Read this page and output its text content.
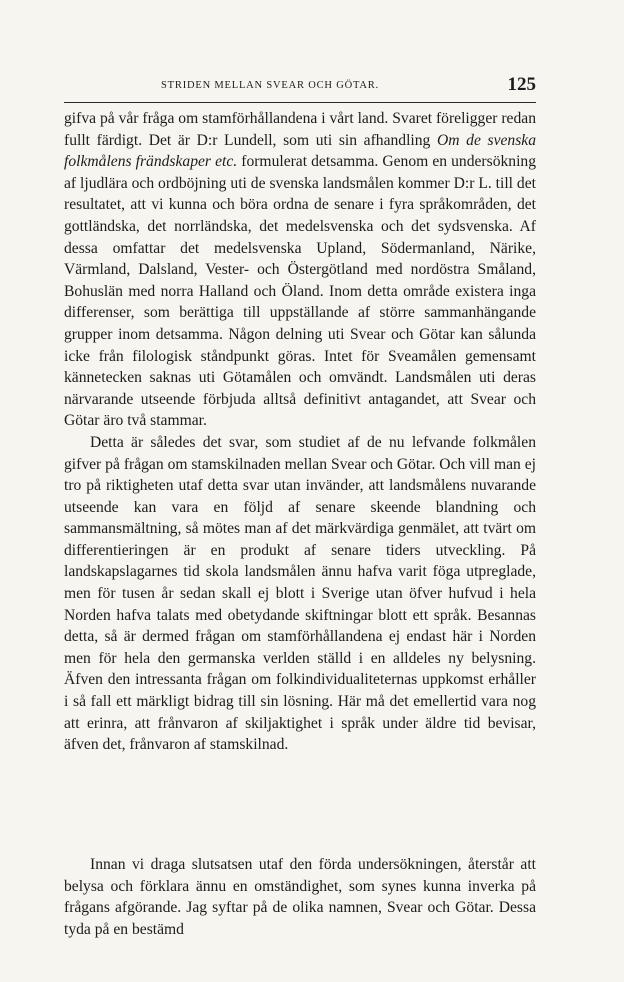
STRIDEN MELLAN SVEAR OCH GÖTAR.	125

gifva på vår fråga om stamförhållandena i vårt land. Svaret föreligger redan fullt färdigt. Det är D:r Lundell, som uti sin afhandling Om de svenska folkmålens frändskaper etc. formulerat detsamma. Genom en undersökning af ljudlära och ordböjning uti de svenska landsmålen kommer D:r L. till det resultatet, att vi kunna och böra ordna de senare i fyra språkområden, det gottländska, det norrländska, det medelsvenska och det sydsvenska. Af dessa omfattar det medelsvenska Upland, Södermanland, Närike, Värmland, Dalsland, Vester- och Östergötland med nordöstra Småland, Bohuslän med norra Halland och Öland. Inom detta område existera inga differenser, som berättiga till uppställande af större sammanhängande grupper inom detsamma. Någon delning uti Svear och Götar kan sålunda icke från filologisk ståndpunkt göras. Intet för Sveamålen gemensamt kännetecken saknas uti Götamålen och omvändt. Landsmålen uti deras närvarande utseende förbjuda alltså definitivt antagandet, att Svear och Götar äro två stammar.

Detta är således det svar, som studiet af de nu lefvande folkmålen gifver på frågan om stamskilnaden mellan Svear och Götar. Och vill man ej tro på riktigheten utaf detta svar utan invänder, att landsmålens nuvarande utseende kan vara en följd af senare skeende blandning och sammansmältning, så mötes man af det märkvärdiga genmälet, att tvärt om differentieringen är en produkt af senare tiders utveckling. På landskapslagarnes tid skola landsmålen ännu hafva varit föga utpreglade, men för tusen år sedan skall ej blott i Sverige utan öfver hufvud i hela Norden hafva talats med obetydande skiftningar blott ett språk. Besannas detta, så är dermed frågan om stamförhållandena ej endast här i Norden men för hela den germanska verlden ställd i en alldeles ny belysning. Äfven den intressanta frågan om folkindividualiteternas uppkomst erhåller i så fall ett märkligt bidrag till sin lösning. Här må det emellertid vara nog att erinra, att frånvaron af skiljaktighet i språk under äldre tid bevisar, äfven det, frånvaron af stamskilnad.

Innan vi draga slutsatsen utaf den förda undersökningen, återstår att belysa och förklara ännu en omständighet, som synes kunna inverka på frågans afgörande. Jag syftar på de olika namnen, Svear och Götar. Dessa tyda på en bestämd
